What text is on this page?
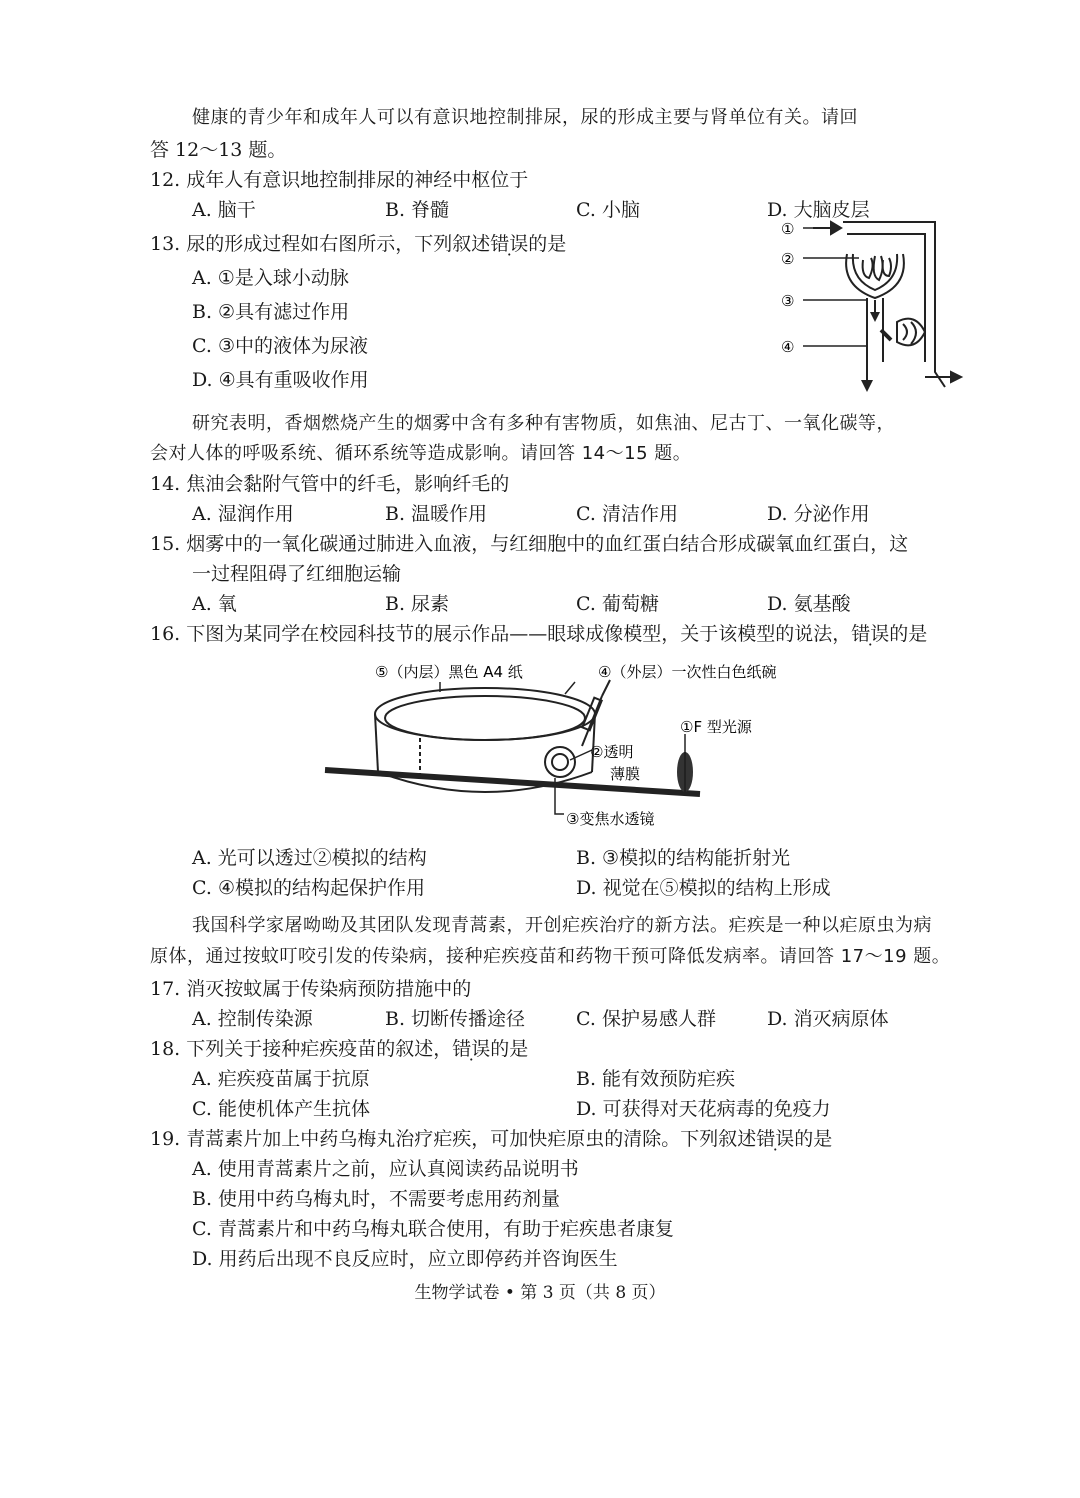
健康的青少年和成年人可以有意识地控制排尿，尿的形成主要与肾单位有关。请回
答 12～13 题。
12. 成年人有意识地控制排尿的神经中枢位于
A. 脑干	B. 脊髓	C. 小脑	D. 大脑皮层
13. 尿的形成过程如右图所示，下列叙述错误的是
A. ①是入球小动脉
B. ②具有滤过作用
C. ③中的液体为尿液
D. ④具有重吸收作用
①
②
③
④
研究表明，香烟燃烧产生的烟雾中含有多种有害物质，如焦油、尼古丁、一氧化碳等，
会对人体的呼吸系统、循环系统等造成影响。请回答 14～15 题。
14. 焦油会黏附气管中的纤毛，影响纤毛的
A. 湿润作用	B. 温暖作用	C. 清洁作用	D. 分泌作用
15. 烟雾中的一氧化碳通过肺进入血液，与红细胞中的血红蛋白结合形成碳氧血红蛋白，这
一过程阻碍了红细胞运输
A. 氧	B. 尿素	C. 葡萄糖	D. 氨基酸
16. 下图为某同学在校园科技节的展示作品——眼球成像模型，关于该模型的说法，错误的是
⑤（内层）黑色 A4 纸	④（外层）一次性白色纸碗
①F 型光源
②透明
薄膜
③变焦水透镜
A. 光可以透过②模拟的结构	B. ③模拟的结构能折射光
C. ④模拟的结构起保护作用	D. 视觉在⑤模拟的结构上形成
我国科学家屠呦呦及其团队发现青蒿素，开创疟疾治疗的新方法。疟疾是一种以疟原虫为病
原体，通过按蚊叮咬引发的传染病，接种疟疾疫苗和药物干预可降低发病率。请回答 17～19 题。
17. 消灭按蚊属于传染病预防措施中的
A. 控制传染源	B. 切断传播途径	C. 保护易感人群	D. 消灭病原体
18. 下列关于接种疟疾疫苗的叙述，错误的是
A. 疟疾疫苗属于抗原	B. 能有效预防疟疾
C. 能使机体产生抗体	D. 可获得对天花病毒的免疫力
19. 青蒿素片加上中药乌梅丸治疗疟疾，可加快疟原虫的清除。下列叙述错误的是
A. 使用青蒿素片之前，应认真阅读药品说明书
B. 使用中药乌梅丸时，不需要考虑用药剂量
C. 青蒿素片和中药乌梅丸联合使用，有助于疟疾患者康复
D. 用药后出现不良反应时，应立即停药并咨询医生
生物学试卷 • 第 3 页（共 8 页）
